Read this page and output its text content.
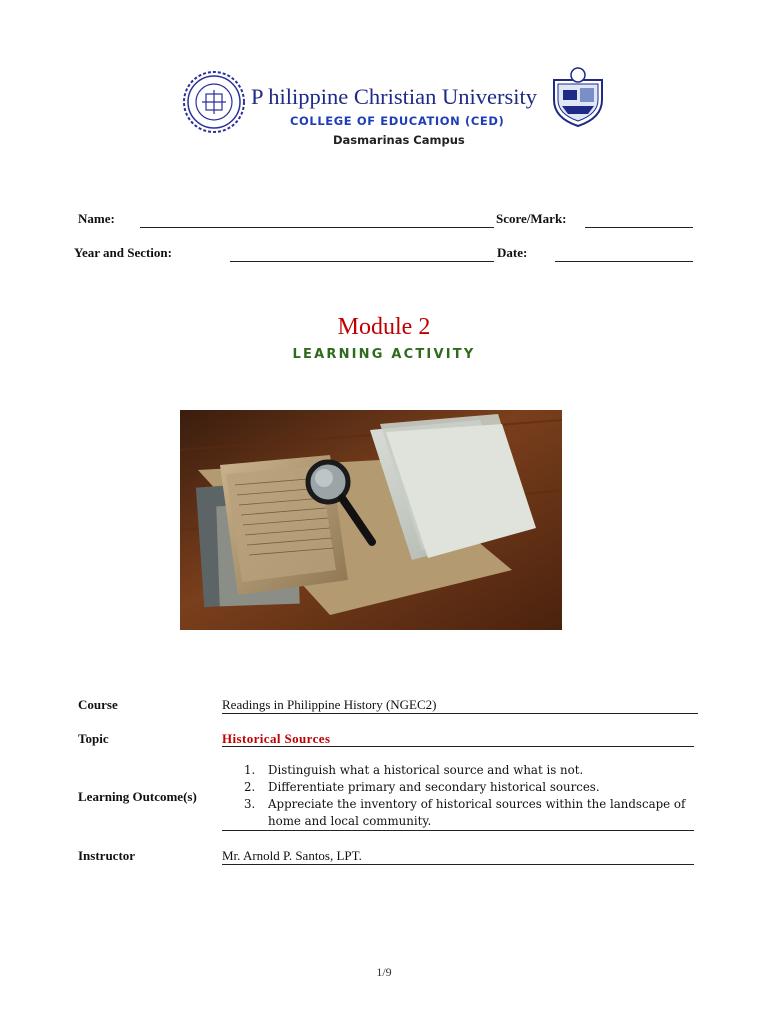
P hilippine Christian University
COLLEGE OF EDUCATION (CED)
Dasmarinas Campus
Name:	Score/Mark:
Year and Section:	Date:
Module 2
LEARNING ACTIVITY
Course	Readings in Philippine History (NGEC2)
Topic	Historical Sources
Learning Outcome(s)
1. Distinguish what a historical source and what is not.
2. Differentiate primary and secondary historical sources.
3. Appreciate the inventory of historical sources within the landscape of home and local community.
Instructor	Mr. Arnold P. Santos, LPT.
1/9
